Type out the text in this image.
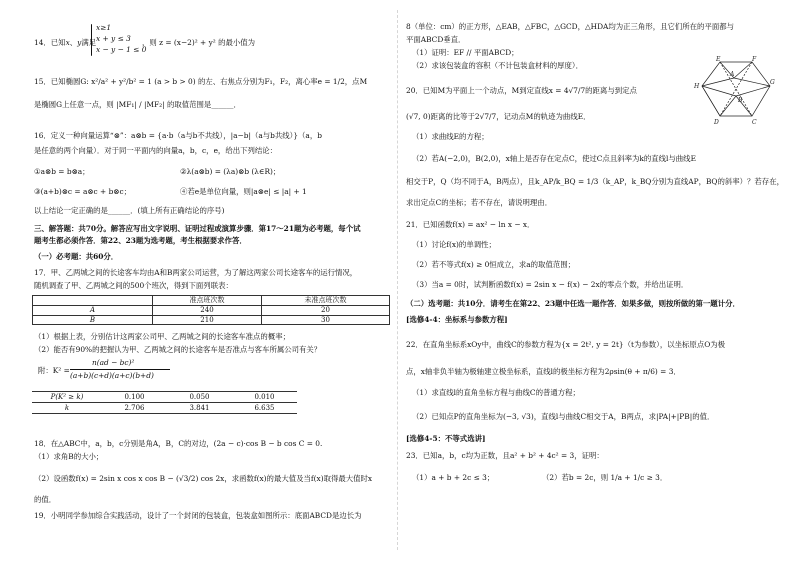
14．已知x、y满足
x≥1
x + y ≤ 3
x − y − 1 ≤ 0
，则 z = (x−2)² + y² 的最小值为
15．已知椭圆G: x²/a² + y²/b² = 1 (a > b > 0) 的左、右焦点分别为F₁，F₂，离心率e = 1/2，点M
是椭圆G上任意一点，则 |MF₁| / |MF₂| 的取值范围是______．
16．定义一种向量运算“⊗”：a⊗b = {a·b（a与b不共线），|a−b|（a与b共线）}（a，b
是任意的两个向量）．对于同一平面内的向量a，b，c，e，给出下列结论：
①a⊗b = b⊗a；	②λ(a⊗b) = (λa)⊗b (λ∈R)；
③(a+b)⊗c = a⊗c + b⊗c；	④若e是单位向量，则|a⊗e| ≤ |a| + 1
以上结论一定正确的是______．(填上所有正确结论的序号)
三、解答题：共70分。解答应写出文字说明、证明过程或演算步骤．第17～21题为必考题，每个试
题考生都必须作答．第22、23题为选考题，考生根据要求作答．
（一）必考题：共60分．
17．甲、乙两城之间的长途客车均由A和B两家公司运营，为了解这两家公司长途客车的运行情况，
随机调查了甲、乙两城之间的500个班次，得到下面列联表：
	准点班次数	未准点班次数
A	240	20
B	210	30
（1）根据上表，分别估计这两家公司甲、乙两城之间的长途客车准点的概率；
（2）能否有90%的把握认为甲、乙两城之间的长途客车是否准点与客车所属公司有关？
附：K² =
n(ad − bc)²
(a+b)(c+d)(a+c)(b+d)
P(K² ≥ k)	0.100	0.050	0.010
k	2.706	3.841	6.635
18．在△ABC中，a，b，c分别是角A，B，C的对边，(2a − c)·cos B − b cos C = 0.
（1）求角B的大小；
（2）设函数f(x) = 2sin x cos x cos B − (√3/2) cos 2x，求函数f(x)的最大值及当f(x)取得最大值时x
的值．
19．小明同学参加综合实践活动，设计了一个封闭的包装盒，包装盒如图所示：底面ABCD是边长为
8（单位：cm）的正方形，△EAB，△FBC，△GCD，△HDA均为正三角形，且它们所在的平面都与
平面ABCD垂直．
（1）证明：EF // 平面ABCD；
（2）求该包装盒的容积（不计包装盒材料的厚度）．
H
E	F
G
D	C
A
B
20．已知M为平面上一个动点，M到定直线x = 4√7/7的距离与到定点
(√7, 0)距离的比等于2√7/7，记动点M的轨迹为曲线E．
（1）求曲线E的方程；
（2）若A(−2,0)，B(2,0)，x轴上是否存在定点C，使过C点且斜率为k的直线l与曲线E
相交于P，Q（均不同于A，B两点），且k_AP/k_BQ = 1/3（k_AP，k_BQ分别为直线AP，BQ的斜率）？若存在，
求出定点C的坐标；若不存在，请说明理由．
21．已知函数f(x) = ax² − ln x − x．
（1）讨论f(x)的单调性；
（2）若不等式f(x) ≥ 0恒成立，求a的取值范围；
（3）当a = 0时，试判断函数f(x) = 2sin x − f(x) − 2x的零点个数，并给出证明．
（二）选考题：共10分．请考生在第22、23题中任选一题作答．如果多做，则按所做的第一题计分．
[选修4-4：坐标系与参数方程]
22．在直角坐标系xOy中，曲线C的参数方程为{x = 2t², y = 2t}（t为参数），以坐标原点O为极
点，x轴非负半轴为极轴建立极坐标系，直线l的极坐标方程为2ρsin(θ + π/6) = 3．
（1）求直线l的直角坐标方程与曲线C的普通方程；
（2）已知点P的直角坐标为(−3, √3)，直线l与曲线C相交于A，B两点，求|PA|+|PB|的值．
[选修4-5：不等式选讲]
23．已知a，b，c均为正数，且a² + b² + 4c² = 3，证明：
（1）a + b + 2c ≤ 3；	（2）若b = 2c，则 1/a + 1/c ≥ 3．
